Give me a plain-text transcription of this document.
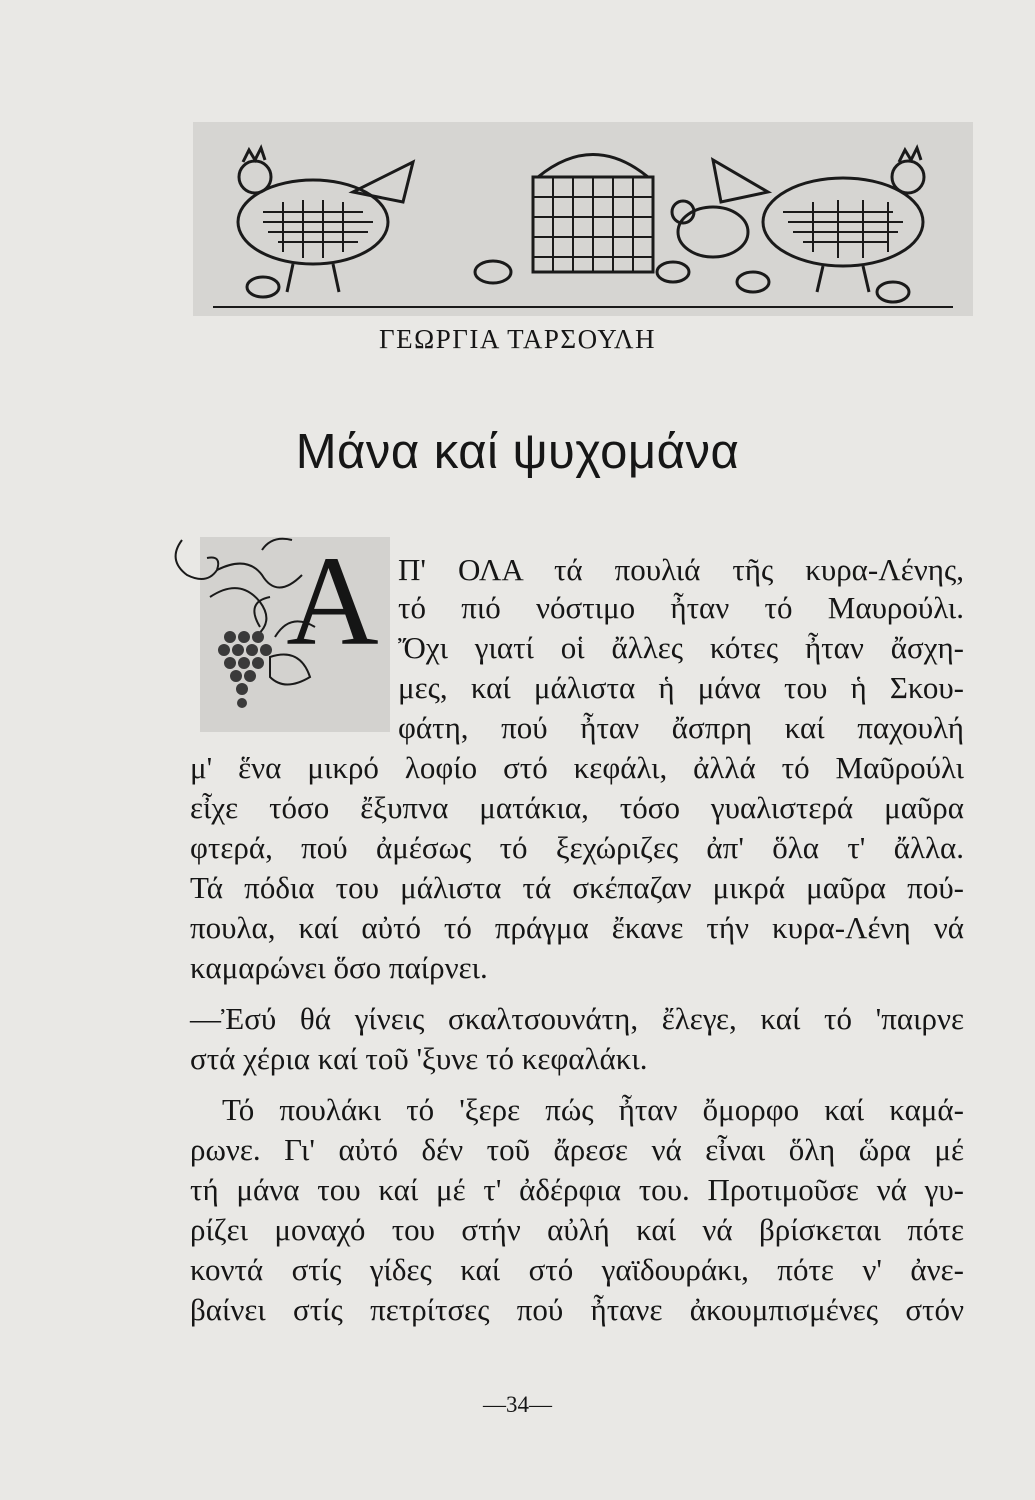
ΓΕΩΡΓΙΑ ΤΑΡΣΟΥΛΗ
Μάνα καί ψυχομάνα
Α Π' ΟΛΑ τά πουλιά τῆς κυρα-Λένης,
τό πιό νόστιμο ἦταν τό Μαυρούλι.
Ὄχι γιατί οἱ ἄλλες κότες ἦταν ἄσχη-
μες, καί μάλιστα ἡ μάνα του ἡ Σκου-
φάτη, πού ἦταν ἄσπρη καί παχουλή
μ' ἕνα μικρό λοφίο στό κεφάλι, ἀλλά τό Μαῦρούλι
εἶχε τόσο ἔξυπνα ματάκια, τόσο γυαλιστερά μαῦρα
φτερά, πού ἀμέσως τό ξεχώριζες ἀπ' ὅλα τ' ἄλλα.
Τά πόδια του μάλιστα τά σκέπαζαν μικρά μαῦρα πού-
πουλα, καί αὐτό τό πράγμα ἔκανε τήν κυρα-Λένη νά
καμαρώνει ὅσο παίρνει.
—Ἐσύ θά γίνεις σκαλτσουνάτη, ἔλεγε, καί τό 'παιρνε
στά χέρια καί τοῦ 'ξυνε τό κεφαλάκι.
Τό πουλάκι τό 'ξερε πώς ἦταν ὄμορφο καί καμά-
ρωνε. Γι' αὐτό δέν τοῦ ἄρεσε νά εἶναι ὅλη ὥρα μέ
τή μάνα του καί μέ τ' ἀδέρφια του. Προτιμοῦσε νά γυ-
ρίζει μοναχό του στήν αὐλή καί νά βρίσκεται πότε
κοντά στίς γίδες καί στό γαϊδουράκι, πότε ν' ἀνε-
βαίνει στίς πετρίτσες πού ἦτανε ἀκουμπισμένες στόν
—34—
